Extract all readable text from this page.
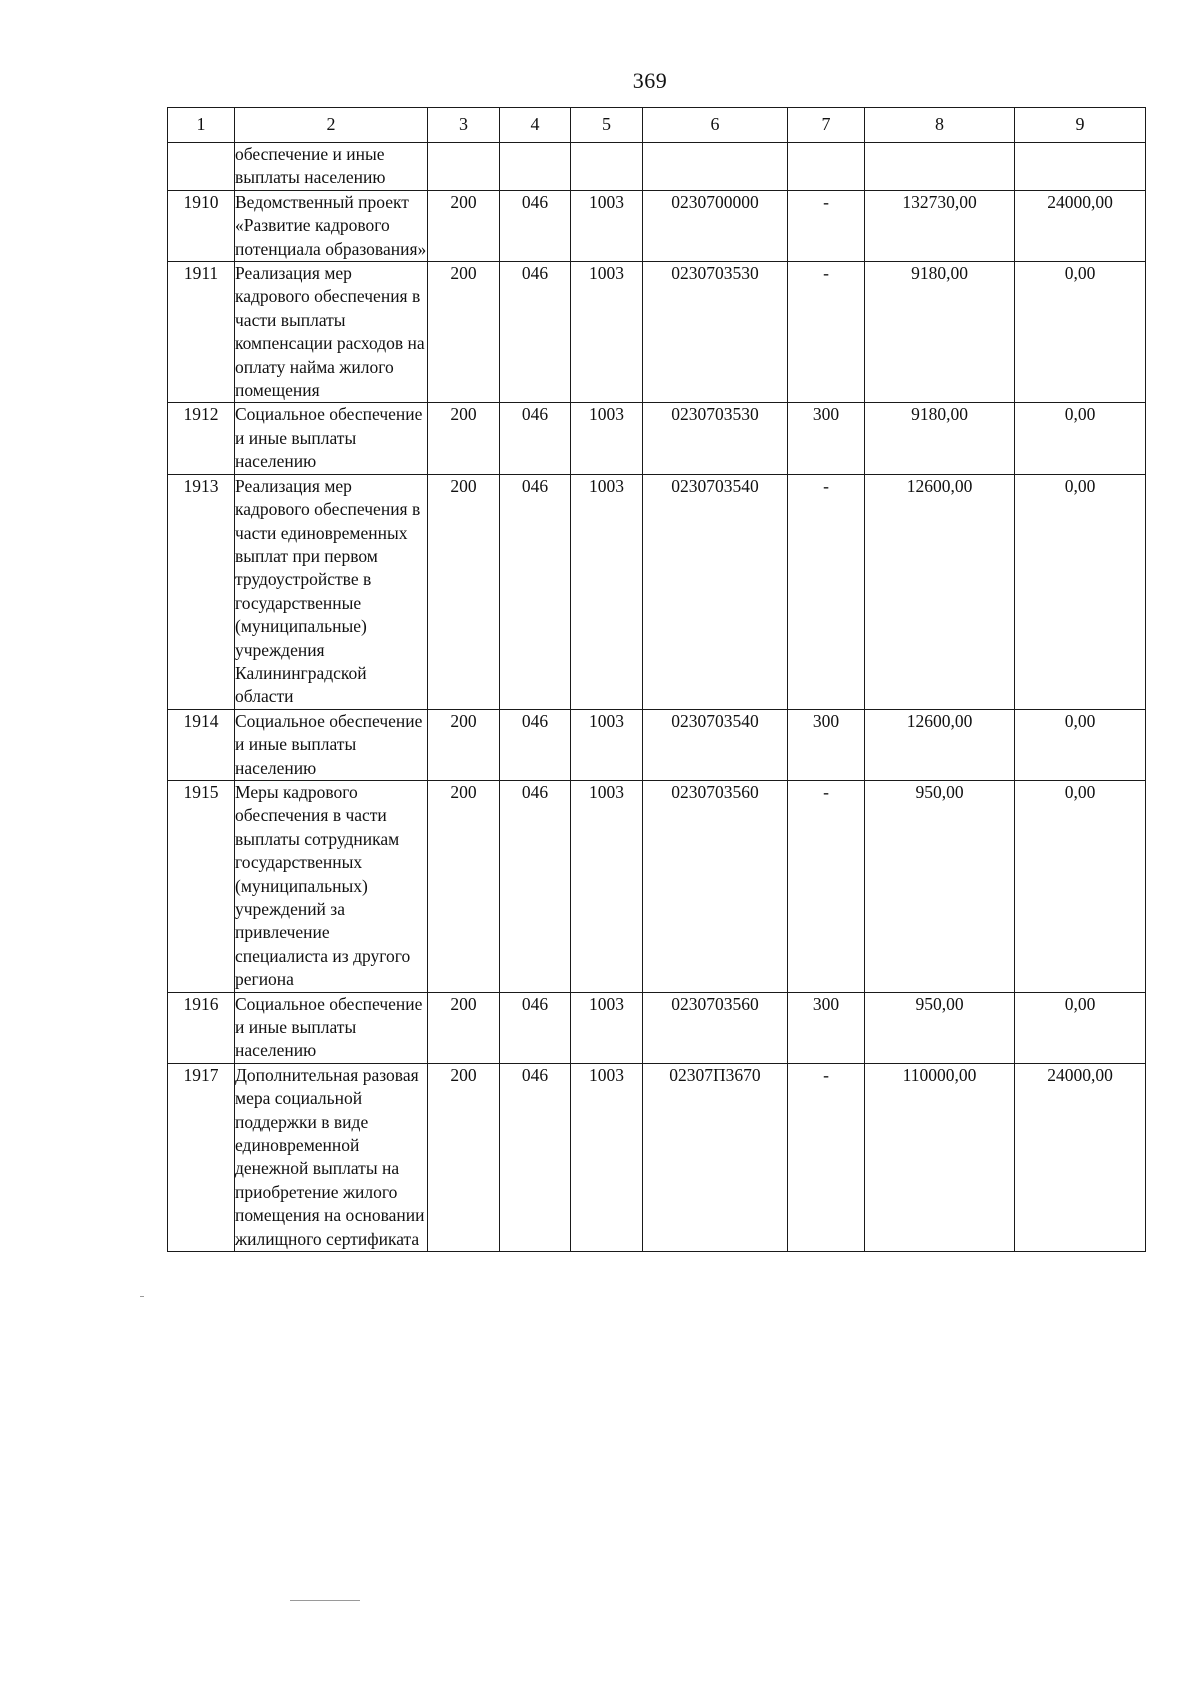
369
1	2	3	4	5	6	7	8	9
	обеспечение и иные выплаты населению							
1910	Ведомственный проект «Развитие кадрового потенциала образования»	200	046	1003	0230700000	-	132730,00	24000,00
1911	Реализация мер кадрового обеспечения в части выплаты компенсации расходов на оплату найма жилого помещения	200	046	1003	0230703530	-	9180,00	0,00
1912	Социальное обеспечение и иные выплаты населению	200	046	1003	0230703530	300	9180,00	0,00
1913	Реализация мер кадрового обеспечения в части единовременных выплат при первом трудоустройстве в государственные (муниципальные) учреждения Калининградской области	200	046	1003	0230703540	-	12600,00	0,00
1914	Социальное обеспечение и иные выплаты населению	200	046	1003	0230703540	300	12600,00	0,00
1915	Меры кадрового обеспечения в части выплаты сотрудникам государственных (муниципальных) учреждений за привлечение специалиста из другого региона	200	046	1003	0230703560	-	950,00	0,00
1916	Социальное обеспечение и иные выплаты населению	200	046	1003	0230703560	300	950,00	0,00
1917	Дополнительная разовая мера социальной поддержки в виде единовременной денежной выплаты на приобретение жилого помещения на основании жилищного сертификата	200	046	1003	02307П3670	-	110000,00	24000,00
